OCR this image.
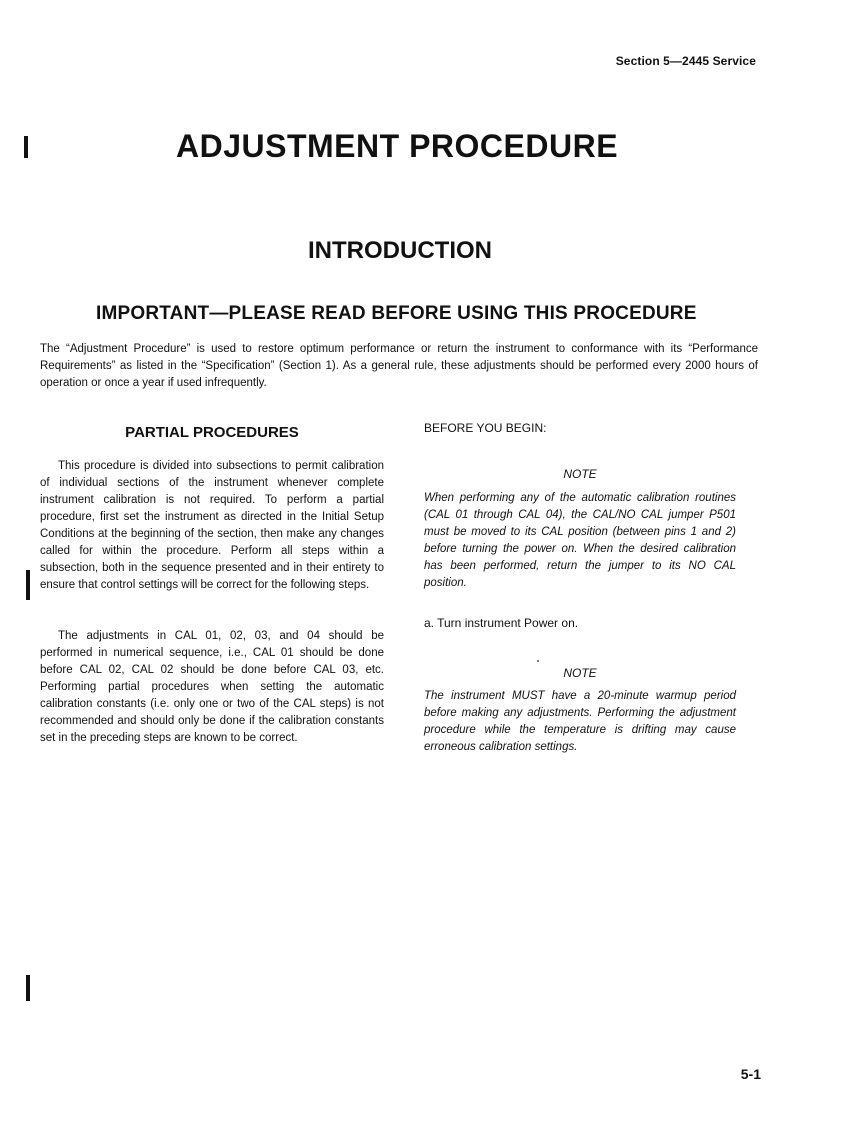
Section 5—2445 Service
ADJUSTMENT PROCEDURE
INTRODUCTION
IMPORTANT—PLEASE READ BEFORE USING THIS PROCEDURE

The “Adjustment Procedure” is used to restore optimum performance or return the instrument to conformance with its “Performance Requirements” as listed in the “Specification” (Section 1). As a general rule, these adjustments should be performed every 2000 hours of operation or once a year if used infrequently.

PARTIAL PROCEDURES

This procedure is divided into subsections to permit calibration of individual sections of the instrument whenever complete instrument calibration is not required. To perform a partial procedure, first set the instrument as directed in the Initial Setup Conditions at the beginning of the section, then make any changes called for within the procedure. Perform all steps within a subsection, both in the sequence presented and in their entirety to ensure that control settings will be correct for the following steps.

The adjustments in CAL 01, 02, 03, and 04 should be performed in numerical sequence, i.e., CAL 01 should be done before CAL 02, CAL 02 should be done before CAL 03, etc. Performing partial procedures when setting the automatic calibration constants (i.e. only one or two of the CAL steps) is not recommended and should only be done if the calibration constants set in the preceding steps are known to be correct.

BEFORE YOU BEGIN:

NOTE

When performing any of the automatic calibration routines (CAL 01 through CAL 04), the CAL/NO CAL jumper P501 must be moved to its CAL position (between pins 1 and 2) before turning the power on. When the desired calibration has been performed, return the jumper to its NO CAL position.

a. Turn instrument Power on.

NOTE

The instrument MUST have a 20-minute warmup period before making any adjustments. Performing the adjustment procedure while the temperature is drifting may cause erroneous calibration settings.

5-1
